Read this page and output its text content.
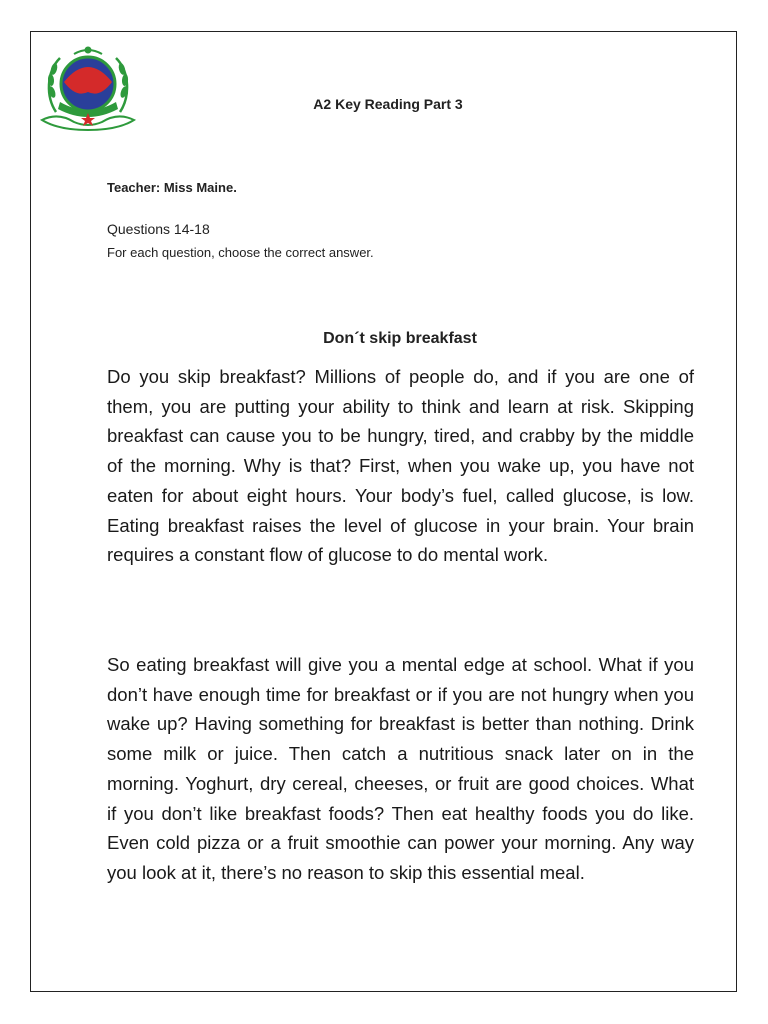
A2 Key Reading Part 3
Teacher: Miss Maine.
Questions 14-18
For each question, choose the correct answer.
Don´t skip breakfast

Do you skip breakfast? Millions of people do, and if you are one of them, you are putting your ability to think and learn at risk. Skipping breakfast can cause you to be hungry, tired, and crabby by the middle of the morning. Why is that? First, when you wake up, you have not eaten for about eight hours. Your body’s fuel, called glucose, is low. Eating breakfast raises the level of glucose in your brain. Your brain requires a constant flow of glucose to do mental work.

So eating breakfast will give you a mental edge at school. What if you don’t have enough time for breakfast or if you are not hungry when you wake up? Having something for breakfast is better than nothing. Drink some milk or juice. Then catch a nutritious snack later on in the morning. Yoghurt, dry cereal, cheeses, or fruit are good choices. What if you don’t like breakfast foods? Then eat healthy foods you do like. Even cold pizza or a fruit smoothie can power your morning. Any way you look at it, there’s no reason to skip this essential meal.
